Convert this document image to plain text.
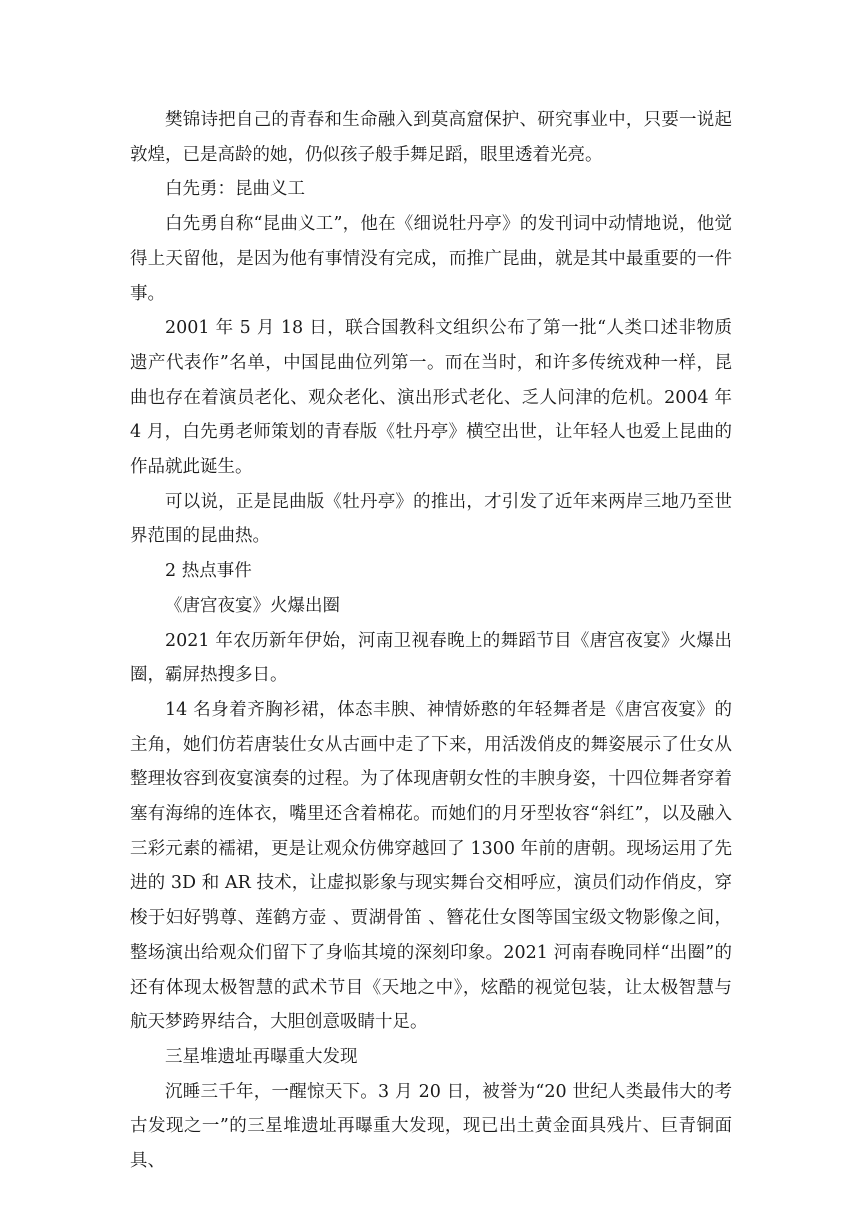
樊锦诗把自己的青春和生命融入到莫高窟保护、研究事业中，只要一说起敦煌，已是高龄的她，仍似孩子般手舞足蹈，眼里透着光亮。

白先勇：昆曲义工

白先勇自称“昆曲义工”，他在《细说牡丹亭》的发刊词中动情地说，他觉得上天留他，是因为他有事情没有完成，而推广昆曲，就是其中最重要的一件事。

2001 年 5 月 18 日，联合国教科文组织公布了第一批“人类口述非物质遗产代表作”名单，中国昆曲位列第一。而在当时，和许多传统戏种一样，昆曲也存在着演员老化、观众老化、演出形式老化、乏人问津的危机。2004 年 4 月，白先勇老师策划的青春版《牡丹亭》横空出世，让年轻人也爱上昆曲的作品就此诞生。

可以说，正是昆曲版《牡丹亭》的推出，才引发了近年来两岸三地乃至世界范围的昆曲热。

2 热点事件

《唐宫夜宴》火爆出圈

2021 年农历新年伊始，河南卫视春晚上的舞蹈节目《唐宫夜宴》火爆出圈，霸屏热搜多日。

14 名身着齐胸衫裙，体态丰腴、神情娇憨的年轻舞者是《唐宫夜宴》的主角，她们仿若唐装仕女从古画中走了下来，用活泼俏皮的舞姿展示了仕女从整理妆容到夜宴演奏的过程。为了体现唐朝女性的丰腴身姿，十四位舞者穿着塞有海绵的连体衣，嘴里还含着棉花。而她们的月牙型妆容“斜红”，以及融入三彩元素的襦裙，更是让观众仿佛穿越回了 1300 年前的唐朝。现场运用了先进的 3D 和 AR 技术，让虚拟影象与现实舞台交相呼应，演员们动作俏皮，穿梭于妇好鸮尊、莲鹤方壶 、贾湖骨笛 、簪花仕女图等国宝级文物影像之间，整场演出给观众们留下了身临其境的深刻印象。2021 河南春晚同样“出圈”的还有体现太极智慧的武术节目《天地之中》，炫酷的视觉包装，让太极智慧与航天梦跨界结合，大胆创意吸睛十足。

三星堆遗址再曝重大发现

沉睡三千年，一醒惊天下。3 月 20 日，被誉为“20 世纪人类最伟大的考古发现之一”的三星堆遗址再曝重大发现，现已出土黄金面具残片、巨青铜面具、
